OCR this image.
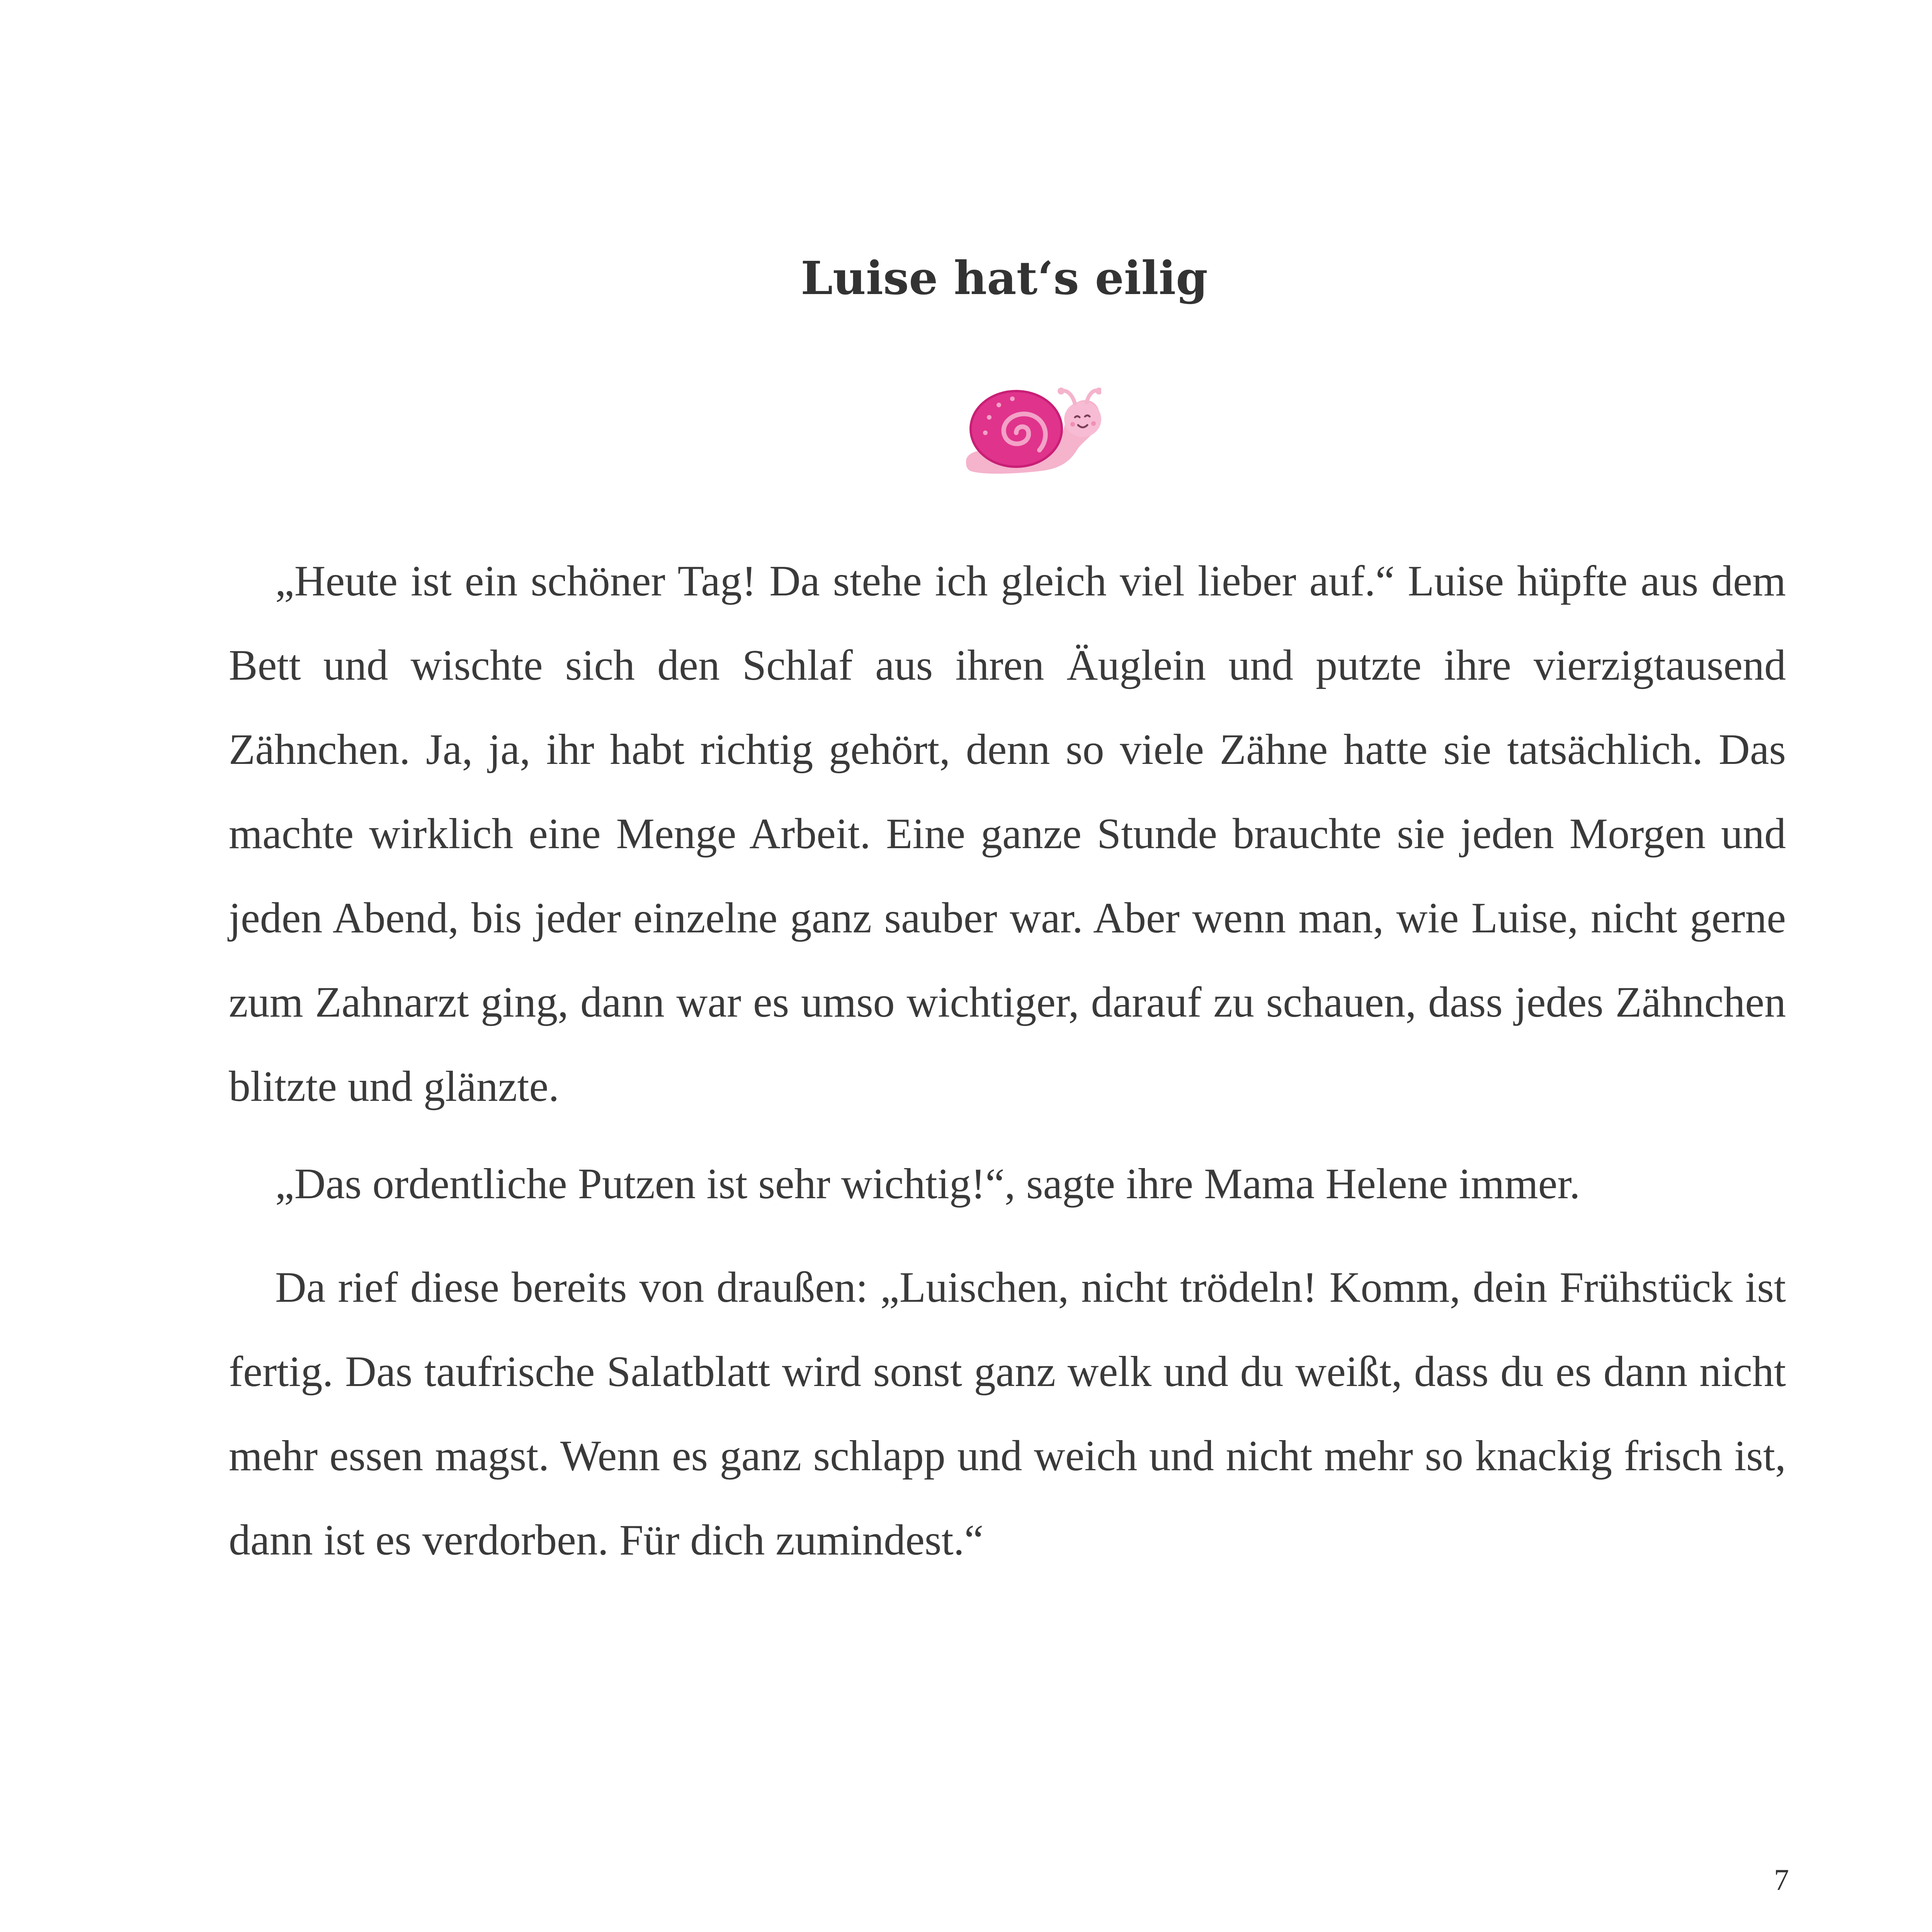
Luise hat‘s eilig

„Heute ist ein schöner Tag! Da stehe ich gleich viel lieber auf.“ Luise hüpfte aus dem Bett und wischte sich den Schlaf aus ihren Äuglein und putzte ihre vierzigtausend Zähnchen. Ja, ja, ihr habt richtig gehört, denn so viele Zähne hatte sie tatsächlich. Das machte wirklich eine Menge Arbeit. Eine ganze Stunde brauchte sie jeden Morgen und jeden Abend, bis jeder einzelne ganz sauber war. Aber wenn man, wie Luise, nicht gerne zum Zahnarzt ging, dann war es umso wichtiger, darauf zu schauen, dass jedes Zähnchen blitzte und glänzte.

„Das ordentliche Putzen ist sehr wichtig!“, sagte ihre Mama Helene immer.

Da rief diese bereits von draußen: „Luischen, nicht trödeln! Komm, dein Frühstück ist fertig. Das taufrische Salatblatt wird sonst ganz welk und du weißt, dass du es dann nicht mehr essen magst. Wenn es ganz schlapp und weich und nicht mehr so knackig frisch ist, dann ist es verdorben. Für dich zumindest.“

7
